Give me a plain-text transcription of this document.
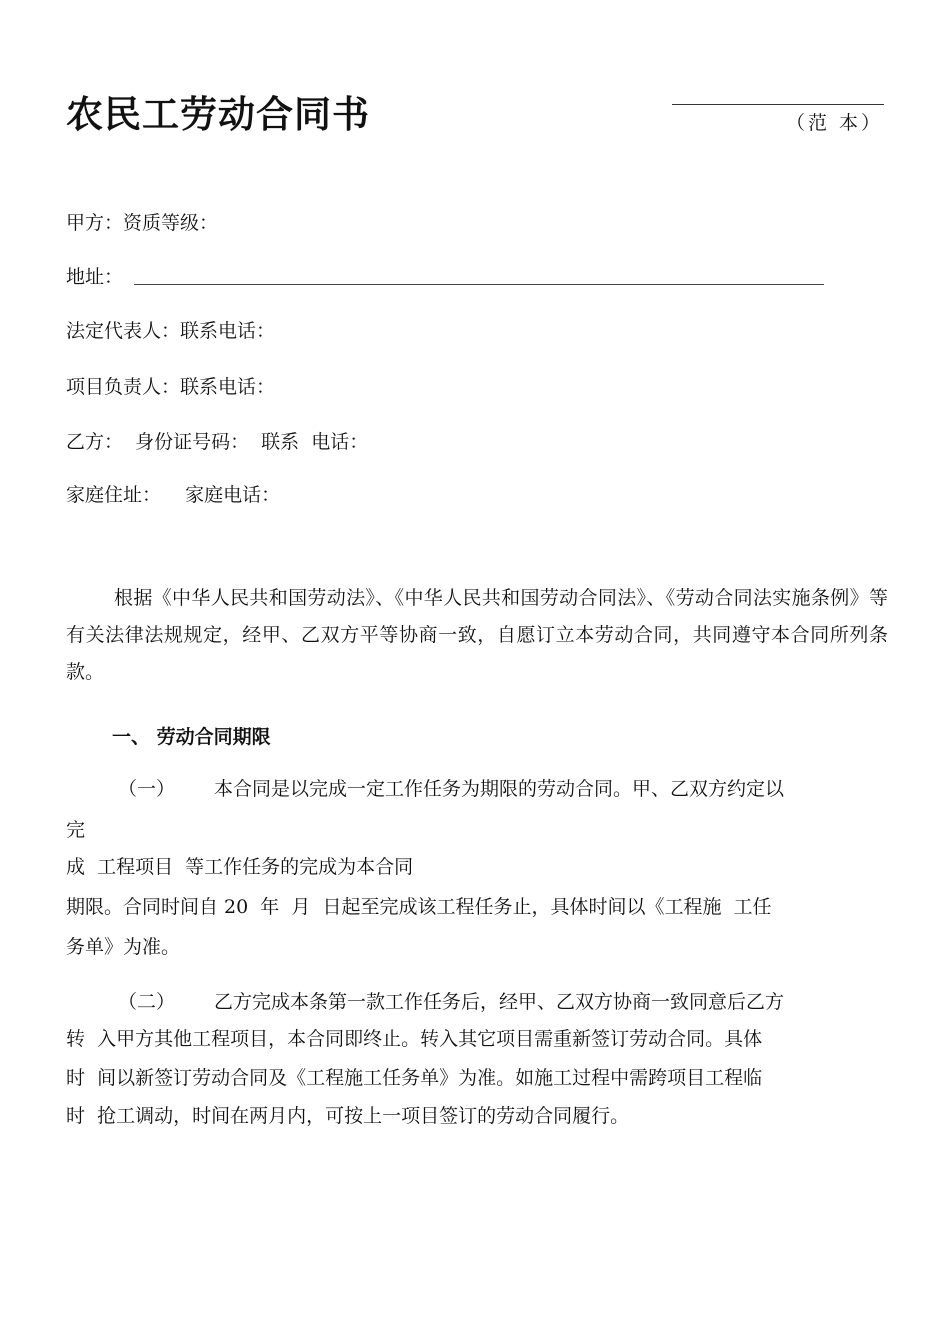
农民工劳动合同书	（范 本）
甲方：资质等级：
地址：
法定代表人：联系电话：
项目负责人：联系电话：
乙方：  身份证号码：  联系  电话：
家庭住址：    家庭电话：

根据《中华人民共和国劳动法》、《中华人民共和国劳动合同法》、《劳动合同法实施条例》等有关法律法规规定，经甲、乙双方平等协商一致，自愿订立本劳动合同，共同遵守本合同所列条款。

一、 劳动合同期限
（一） 本合同是以完成一定工作任务为期限的劳动合同。甲、乙双方约定以
完
成  工程项目  等工作任务的完成为本合同
期限。合同时间自 20  年  月  日起至完成该工程任务止，具体时间以《工程施  工任
务单》为准。
（二） 乙方完成本条第一款工作任务后，经甲、乙双方协商一致同意后乙方
转  入甲方其他工程项目，本合同即终止。转入其它项目需重新签订劳动合同。具体
时  间以新签订劳动合同及《工程施工任务单》为准。如施工过程中需跨项目工程临
时  抢工调动，时间在两月内，可按上一项目签订的劳动合同履行。
